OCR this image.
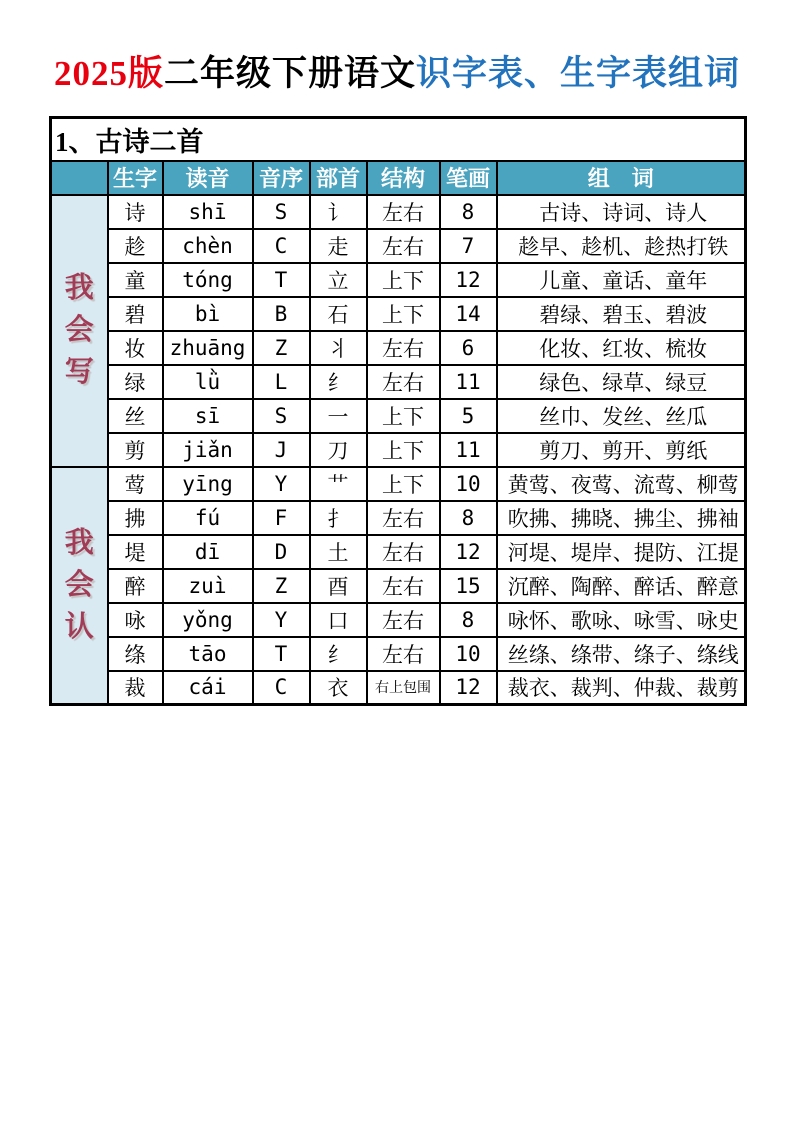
2025版二年级下册语文识字表、生字表组词
1、古诗二首							
	生字	读音	音序	部首	结构	笔画	组　词

我
会
写	诗	shī	S	讠	左右	8	古诗、诗词、诗人
	趁	chèn	C	走	左右	7	趁早、趁机、趁热打铁
	童	tóng	T	立	上下	12	儿童、童话、童年
	碧	bì	B	石	上下	14	碧绿、碧玉、碧波
	妆	zhuāng	Z	丬	左右	6	化妆、红妆、梳妆
	绿	lǜ	L	纟	左右	11	绿色、绿草、绿豆
	丝	sī	S	一	上下	5	丝巾、发丝、丝瓜
	剪	jiǎn	J	刀	上下	11	剪刀、剪开、剪纸

我
会
认	莺	yīng	Y	艹	上下	10	黄莺、夜莺、流莺、柳莺
	拂	fú	F	扌	左右	8	吹拂、拂晓、拂尘、拂袖
	堤	dī	D	土	左右	12	河堤、堤岸、提防、江提
	醉	zuì	Z	酉	左右	15	沉醉、陶醉、醉话、醉意
	咏	yǒng	Y	口	左右	8	咏怀、歌咏、咏雪、咏史
	绦	tāo	T	纟	左右	10	丝绦、绦带、绦子、绦线
	裁	cái	C	衣	右上包围	12	裁衣、裁判、仲裁、裁剪
